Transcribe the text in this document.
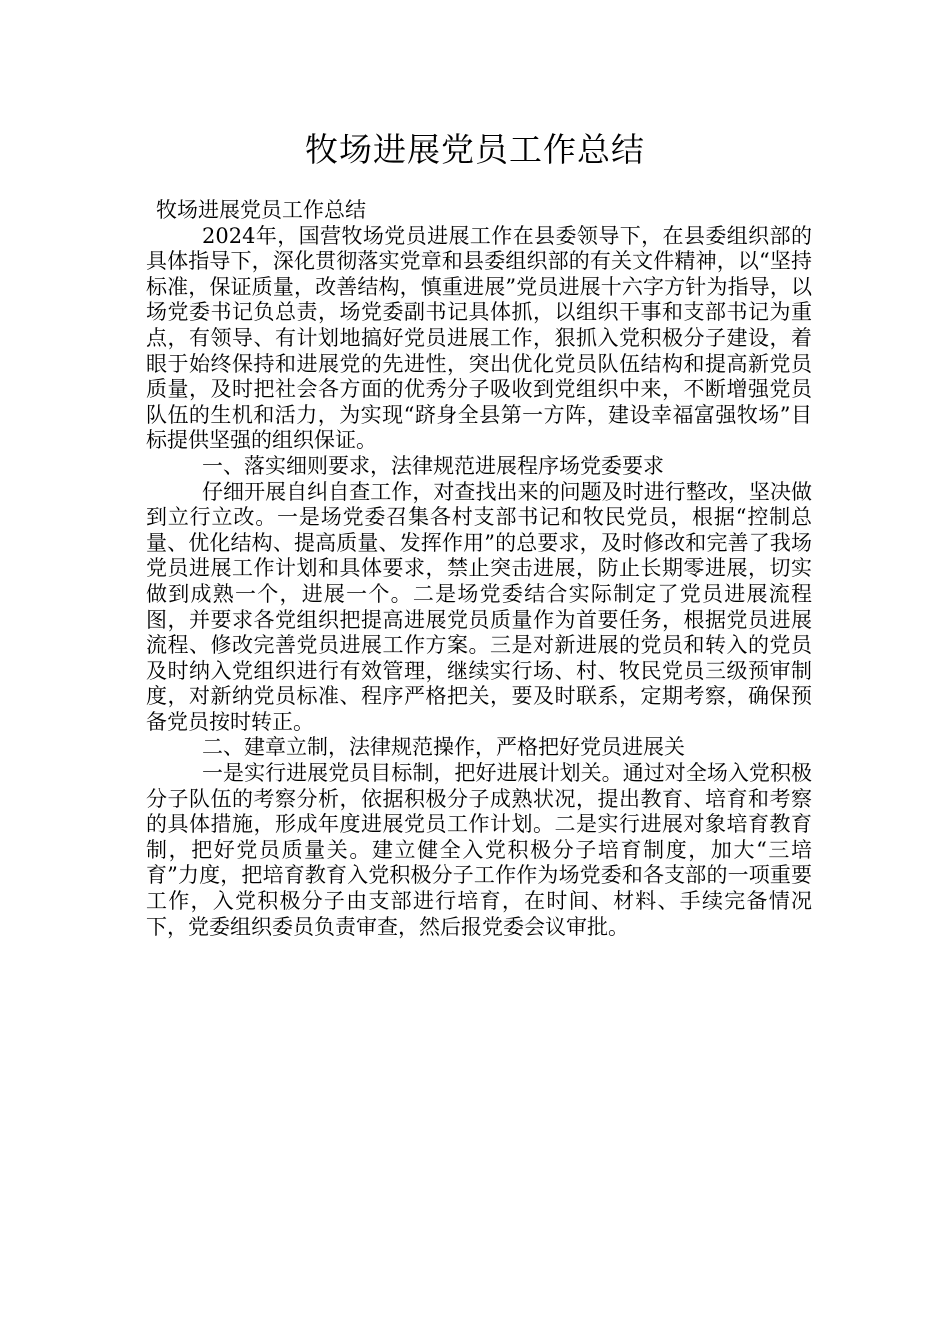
牧场进展党员工作总结

牧场进展党员工作总结

2024年，国营牧场党员进展工作在县委领导下，在县委组织部的具体指导下，深化贯彻落实党章和县委组织部的有关文件精神，以“坚持标准，保证质量，改善结构，慎重进展”党员进展十六字方针为指导，以场党委书记负总责，场党委副书记具体抓，以组织干事和支部书记为重点，有领导、有计划地搞好党员进展工作，狠抓入党积极分子建设，着眼于始终保持和进展党的先进性，突出优化党员队伍结构和提高新党员质量，及时把社会各方面的优秀分子吸收到党组织中来，不断增强党员队伍的生机和活力，为实现“跻身全县第一方阵，建设幸福富强牧场”目标提供坚强的组织保证。

一、落实细则要求，法律规范进展程序场党委要求

仔细开展自纠自查工作，对查找出来的问题及时进行整改，坚决做到立行立改。一是场党委召集各村支部书记和牧民党员，根据“控制总量、优化结构、提高质量、发挥作用”的总要求，及时修改和完善了我场党员进展工作计划和具体要求，禁止突击进展，防止长期零进展，切实做到成熟一个，进展一个。二是场党委结合实际制定了党员进展流程图，并要求各党组织把提高进展党员质量作为首要任务，根据党员进展流程、修改完善党员进展工作方案。三是对新进展的党员和转入的党员及时纳入党组织进行有效管理，继续实行场、村、牧民党员三级预审制度，对新纳党员标准、程序严格把关，要及时联系，定期考察，确保预备党员按时转正。

二、建章立制，法律规范操作，严格把好党员进展关

一是实行进展党员目标制，把好进展计划关。通过对全场入党积极分子队伍的考察分析，依据积极分子成熟状况，提出教育、培育和考察的具体措施，形成年度进展党员工作计划。二是实行进展对象培育教育制，把好党员质量关。建立健全入党积极分子培育制度，加大“三培育”力度，把培育教育入党积极分子工作作为场党委和各支部的一项重要工作，入党积极分子由支部进行培育，在时间、材料、手续完备情况下，党委组织委员负责审查，然后报党委会议审批。
